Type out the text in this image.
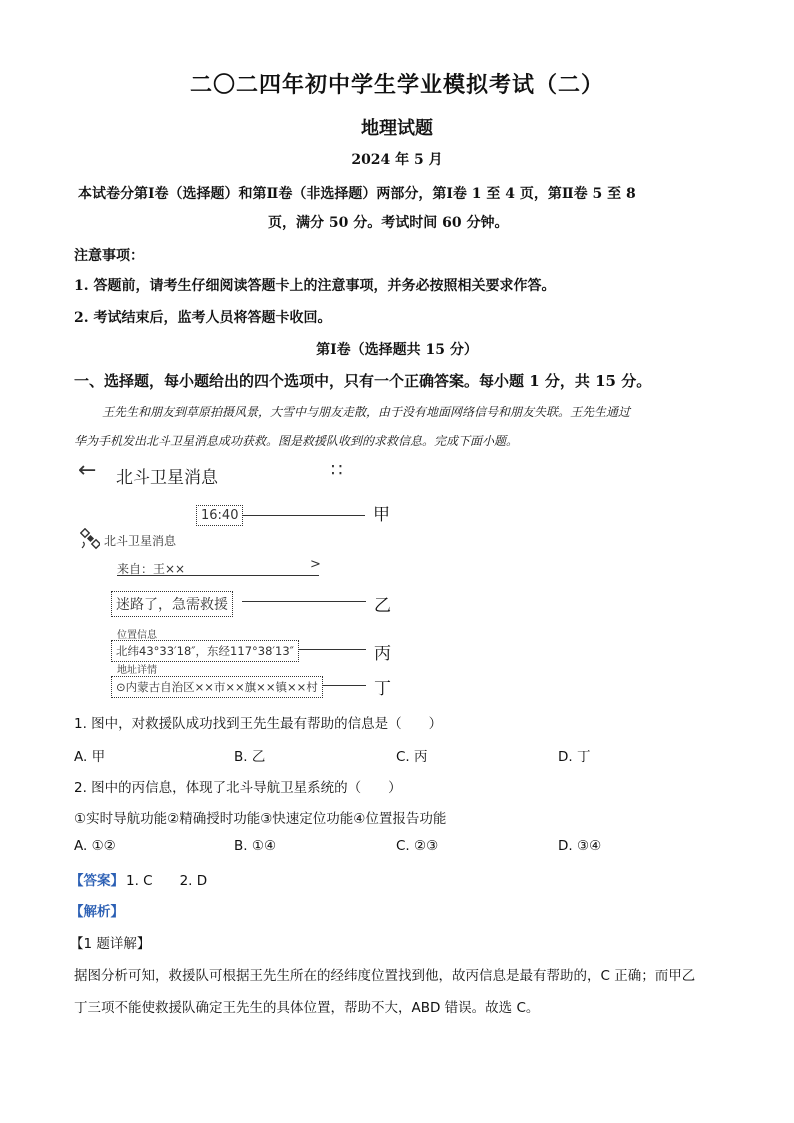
二〇二四年初中学生学业模拟考试（二）
地理试题
2024 年 5 月
本试卷分第Ⅰ卷（选择题）和第Ⅱ卷（非选择题）两部分，第Ⅰ卷 1 至 4 页，第Ⅱ卷 5 至 8
页，满分 50 分。考试时间 60 分钟。
注意事项：
1. 答题前，请考生仔细阅读答题卡上的注意事项，并务必按照相关要求作答。
2. 考试结束后，监考人员将答题卡收回。
第Ⅰ卷（选择题共 15 分）
一、选择题，每小题给出的四个选项中，只有一个正确答案。每小题 1 分，共 15 分。
王先生和朋友到草原拍摄风景，大雪中与朋友走散，由于没有地面网络信号和朋友失联。王先生通过
华为手机发出北斗卫星消息成功获救。图是救援队收到的求救信息。完成下面小题。
← 北斗卫星消息	∷
16:40	甲
北斗卫星消息
来自：王××	>
迷路了，急需救援	乙
位置信息
北纬43°33′18″，东经117°38′13″	丙
地址详情
⊙内蒙古自治区××市××旗××镇××村	丁
1. 图中，对救援队成功找到王先生最有帮助的信息是（　　）
A. 甲	B. 乙	C. 丙	D. 丁
2. 图中的丙信息，体现了北斗导航卫星系统的（　　）
①实时导航功能②精确授时功能③快速定位功能④位置报告功能
A. ①②	B. ①④	C. ②③	D. ③④
【答案】 1. C　　2. D
【解析】
【1 题详解】
据图分析可知，救援队可根据王先生所在的经纬度位置找到他，故丙信息是最有帮助的，C 正确；而甲乙
丁三项不能使救援队确定王先生的具体位置，帮助不大，ABD 错误。故选 C。
